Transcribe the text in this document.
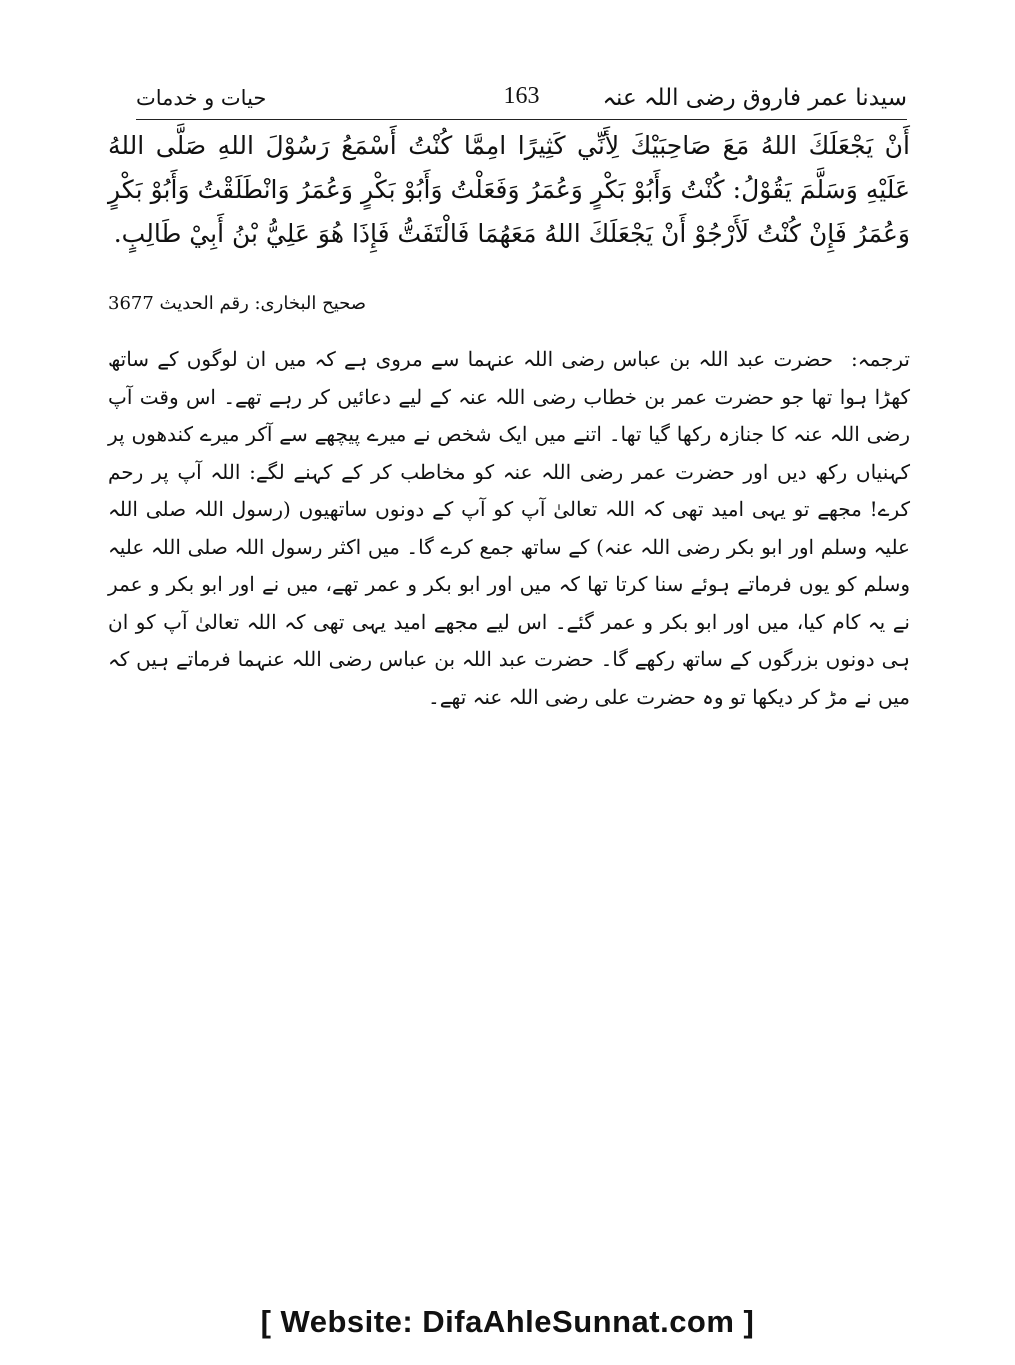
سیدنا عمر فاروق رضی اللہ عنہ
163
حیات و خدمات
أَنْ يَجْعَلَكَ اللهُ مَعَ صَاحِبَيْكَ لِأَنِّي كَثِيرًا امِمَّا كُنْتُ أَسْمَعُ رَسُوْلَ اللهِ صَلَّى اللهُ عَلَيْهِ وَسَلَّمَ يَقُوْلُ: كُنْتُ وَأَبُوْ بَكْرٍ وَعُمَرُ وَفَعَلْتُ وَأَبُوْ بَكْرٍ وَعُمَرُ وَانْطَلَقْتُ وَأَبُوْ بَكْرٍ وَعُمَرُ فَإِنْ كُنْتُ لَأَرْجُوْ أَنْ يَجْعَلَكَ اللهُ مَعَهُمَا فَالْتَفَتُّ فَإِذَا هُوَ عَلِيُّ بْنُ أَبِيْ طَالِبٍ.
صحیح البخاری: رقم الحدیث 3677
ترجمہ:حضرت عبد اللہ بن عباس رضی اللہ عنہما سے مروی ہے کہ میں ان لوگوں کے ساتھ کھڑا ہوا تھا جو حضرت عمر بن خطاب رضی اللہ عنہ کے لیے دعائیں کر رہے تھے۔ اس وقت آپ رضی اللہ عنہ کا جنازہ رکھا گیا تھا۔ اتنے میں ایک شخص نے میرے پیچھے سے آکر میرے کندھوں پر کہنیاں رکھ دیں اور حضرت عمر رضی اللہ عنہ کو مخاطب کر کے کہنے لگے: اللہ آپ پر رحم کرے! مجھے تو یہی امید تھی کہ اللہ تعالیٰ آپ کو آپ کے دونوں ساتھیوں (رسول اللہ صلی اللہ علیہ وسلم اور ابو بکر رضی اللہ عنہ) کے ساتھ جمع کرے گا۔ میں اکثر رسول اللہ صلی اللہ علیہ وسلم کو یوں فرماتے ہوئے سنا کرتا تھا کہ میں اور ابو بکر و عمر تھے، میں نے اور ابو بکر و عمر نے یہ کام کیا، میں اور ابو بکر و عمر گئے۔ اس لیے مجھے امید یہی تھی کہ اللہ تعالیٰ آپ کو ان ہی دونوں بزرگوں کے ساتھ رکھے گا۔ حضرت عبد اللہ بن عباس رضی اللہ عنہما فرماتے ہیں کہ میں نے مڑ کر دیکھا تو وہ حضرت علی رضی اللہ عنہ تھے۔
[ Website: DifaAhleSunnat.com ]
